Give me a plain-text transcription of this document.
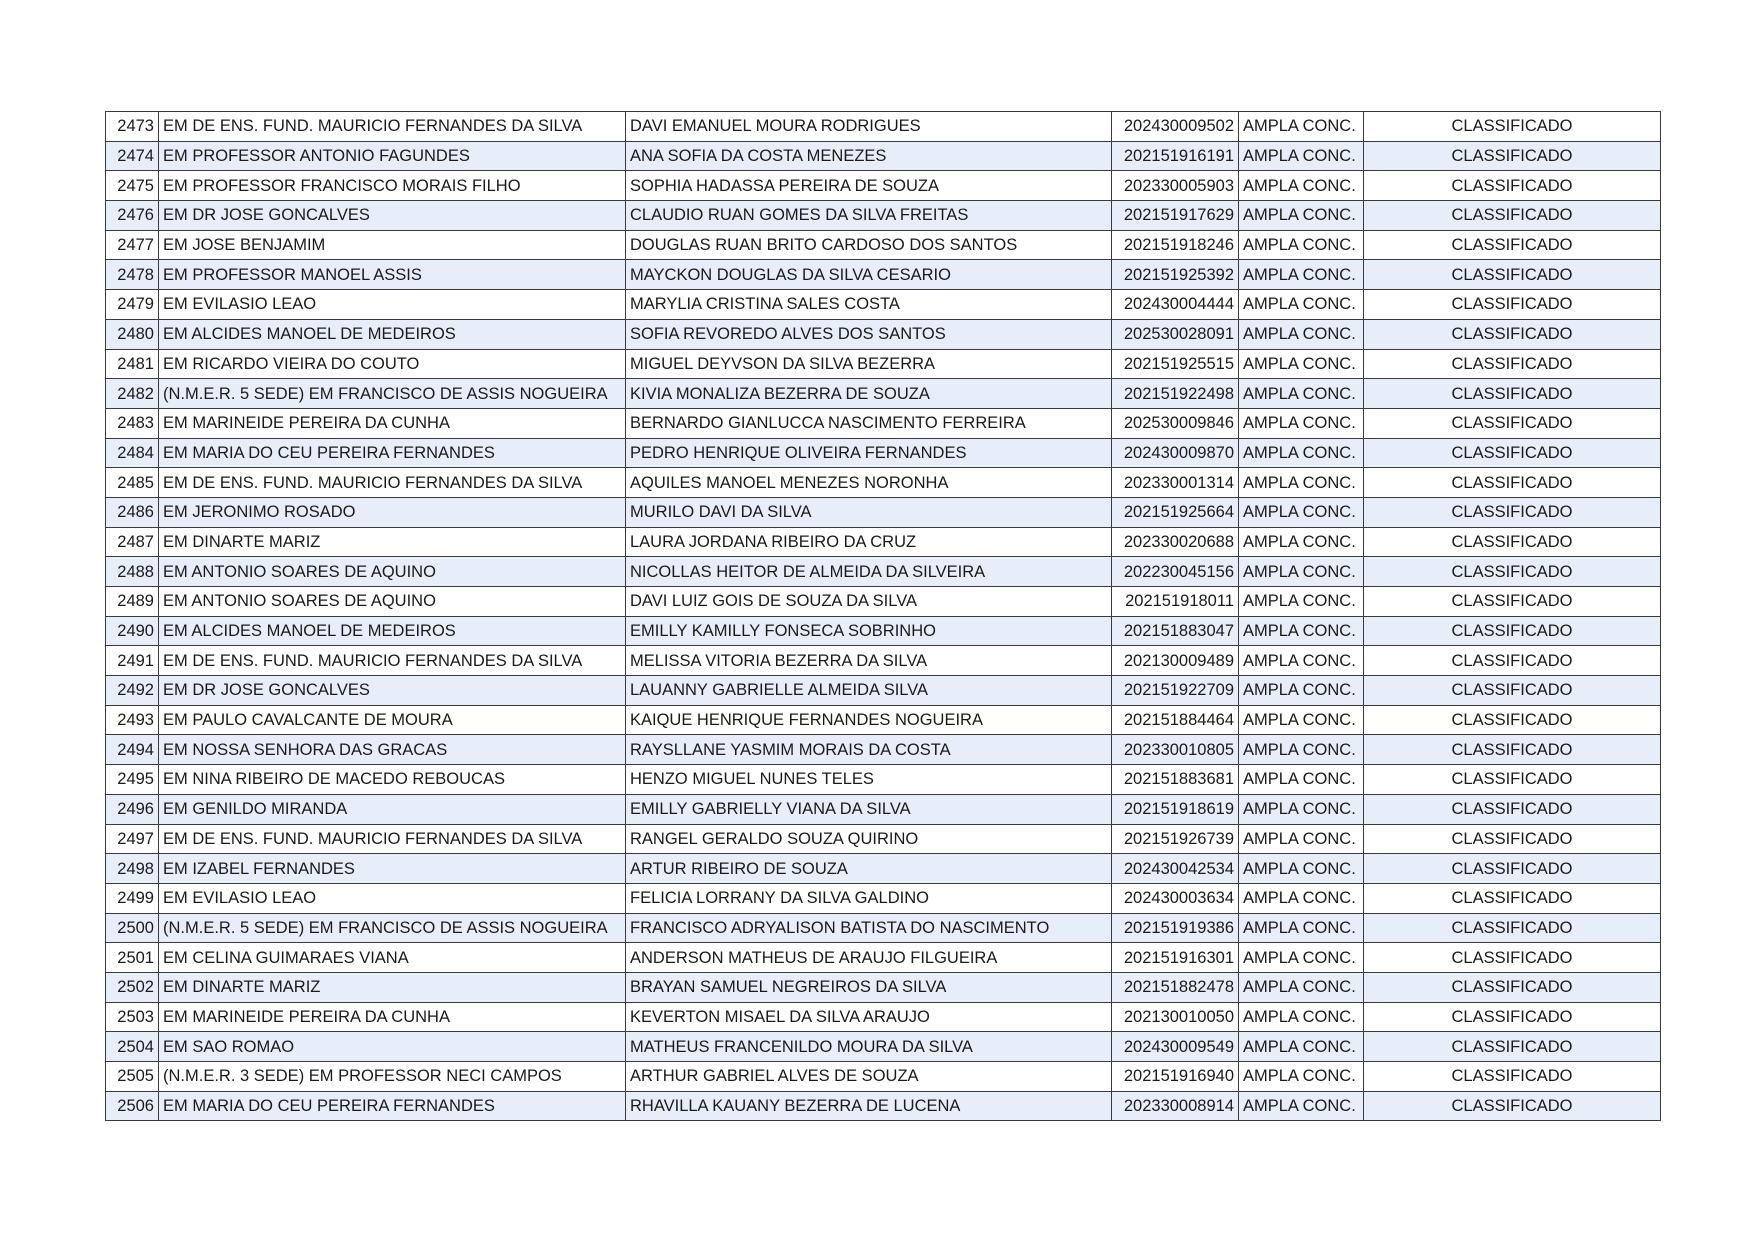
2473	EM DE ENS. FUND. MAURICIO FERNANDES DA SILVA	DAVI EMANUEL MOURA RODRIGUES	202430009502	AMPLA CONC.	CLASSIFICADO
2474	EM PROFESSOR ANTONIO FAGUNDES	ANA SOFIA DA COSTA MENEZES	202151916191	AMPLA CONC.	CLASSIFICADO
2475	EM PROFESSOR FRANCISCO MORAIS FILHO	SOPHIA HADASSA PEREIRA DE SOUZA	202330005903	AMPLA CONC.	CLASSIFICADO
2476	EM DR JOSE GONCALVES	CLAUDIO RUAN GOMES DA SILVA FREITAS	202151917629	AMPLA CONC.	CLASSIFICADO
2477	EM JOSE BENJAMIM	DOUGLAS RUAN BRITO CARDOSO DOS SANTOS	202151918246	AMPLA CONC.	CLASSIFICADO
2478	EM PROFESSOR MANOEL ASSIS	MAYCKON DOUGLAS DA SILVA CESARIO	202151925392	AMPLA CONC.	CLASSIFICADO
2479	EM EVILASIO LEAO	MARYLIA CRISTINA SALES COSTA	202430004444	AMPLA CONC.	CLASSIFICADO
2480	EM ALCIDES MANOEL DE MEDEIROS	SOFIA REVOREDO ALVES DOS SANTOS	202530028091	AMPLA CONC.	CLASSIFICADO
2481	EM RICARDO VIEIRA DO COUTO	MIGUEL DEYVSON DA SILVA BEZERRA	202151925515	AMPLA CONC.	CLASSIFICADO
2482	(N.M.E.R. 5 SEDE) EM FRANCISCO DE ASSIS NOGUEIRA	KIVIA MONALIZA BEZERRA DE SOUZA	202151922498	AMPLA CONC.	CLASSIFICADO
2483	EM MARINEIDE PEREIRA DA CUNHA	BERNARDO GIANLUCCA NASCIMENTO FERREIRA	202530009846	AMPLA CONC.	CLASSIFICADO
2484	EM MARIA DO CEU PEREIRA FERNANDES	PEDRO HENRIQUE OLIVEIRA FERNANDES	202430009870	AMPLA CONC.	CLASSIFICADO
2485	EM DE ENS. FUND. MAURICIO FERNANDES DA SILVA	AQUILES MANOEL MENEZES NORONHA	202330001314	AMPLA CONC.	CLASSIFICADO
2486	EM JERONIMO ROSADO	MURILO DAVI DA SILVA	202151925664	AMPLA CONC.	CLASSIFICADO
2487	EM DINARTE MARIZ	LAURA JORDANA RIBEIRO DA CRUZ	202330020688	AMPLA CONC.	CLASSIFICADO
2488	EM ANTONIO SOARES DE AQUINO	NICOLLAS HEITOR DE ALMEIDA DA SILVEIRA	202230045156	AMPLA CONC.	CLASSIFICADO
2489	EM ANTONIO SOARES DE AQUINO	DAVI LUIZ GOIS DE SOUZA DA SILVA	202151918011	AMPLA CONC.	CLASSIFICADO
2490	EM ALCIDES MANOEL DE MEDEIROS	EMILLY KAMILLY FONSECA SOBRINHO	202151883047	AMPLA CONC.	CLASSIFICADO
2491	EM DE ENS. FUND. MAURICIO FERNANDES DA SILVA	MELISSA VITORIA BEZERRA DA SILVA	202130009489	AMPLA CONC.	CLASSIFICADO
2492	EM DR JOSE GONCALVES	LAUANNY GABRIELLE ALMEIDA SILVA	202151922709	AMPLA CONC.	CLASSIFICADO
2493	EM PAULO CAVALCANTE DE MOURA	KAIQUE HENRIQUE FERNANDES NOGUEIRA	202151884464	AMPLA CONC.	CLASSIFICADO
2494	EM NOSSA SENHORA DAS GRACAS	RAYSLLANE YASMIM MORAIS DA COSTA	202330010805	AMPLA CONC.	CLASSIFICADO
2495	EM NINA RIBEIRO DE MACEDO REBOUCAS	HENZO MIGUEL NUNES TELES	202151883681	AMPLA CONC.	CLASSIFICADO
2496	EM GENILDO MIRANDA	EMILLY GABRIELLY VIANA DA SILVA	202151918619	AMPLA CONC.	CLASSIFICADO
2497	EM DE ENS. FUND. MAURICIO FERNANDES DA SILVA	RANGEL GERALDO SOUZA QUIRINO	202151926739	AMPLA CONC.	CLASSIFICADO
2498	EM IZABEL FERNANDES	ARTUR RIBEIRO DE SOUZA	202430042534	AMPLA CONC.	CLASSIFICADO
2499	EM EVILASIO LEAO	FELICIA LORRANY DA SILVA GALDINO	202430003634	AMPLA CONC.	CLASSIFICADO
2500	(N.M.E.R. 5 SEDE) EM FRANCISCO DE ASSIS NOGUEIRA	FRANCISCO ADRYALISON BATISTA DO NASCIMENTO	202151919386	AMPLA CONC.	CLASSIFICADO
2501	EM CELINA GUIMARAES VIANA	ANDERSON MATHEUS DE ARAUJO FILGUEIRA	202151916301	AMPLA CONC.	CLASSIFICADO
2502	EM DINARTE MARIZ	BRAYAN SAMUEL NEGREIROS DA SILVA	202151882478	AMPLA CONC.	CLASSIFICADO
2503	EM MARINEIDE PEREIRA DA CUNHA	KEVERTON MISAEL DA SILVA ARAUJO	202130010050	AMPLA CONC.	CLASSIFICADO
2504	EM SAO ROMAO	MATHEUS FRANCENILDO MOURA DA SILVA	202430009549	AMPLA CONC.	CLASSIFICADO
2505	(N.M.E.R. 3 SEDE) EM PROFESSOR NECI CAMPOS	ARTHUR GABRIEL ALVES DE SOUZA	202151916940	AMPLA CONC.	CLASSIFICADO
2506	EM MARIA DO CEU PEREIRA FERNANDES	RHAVILLA KAUANY BEZERRA DE LUCENA	202330008914	AMPLA CONC.	CLASSIFICADO
